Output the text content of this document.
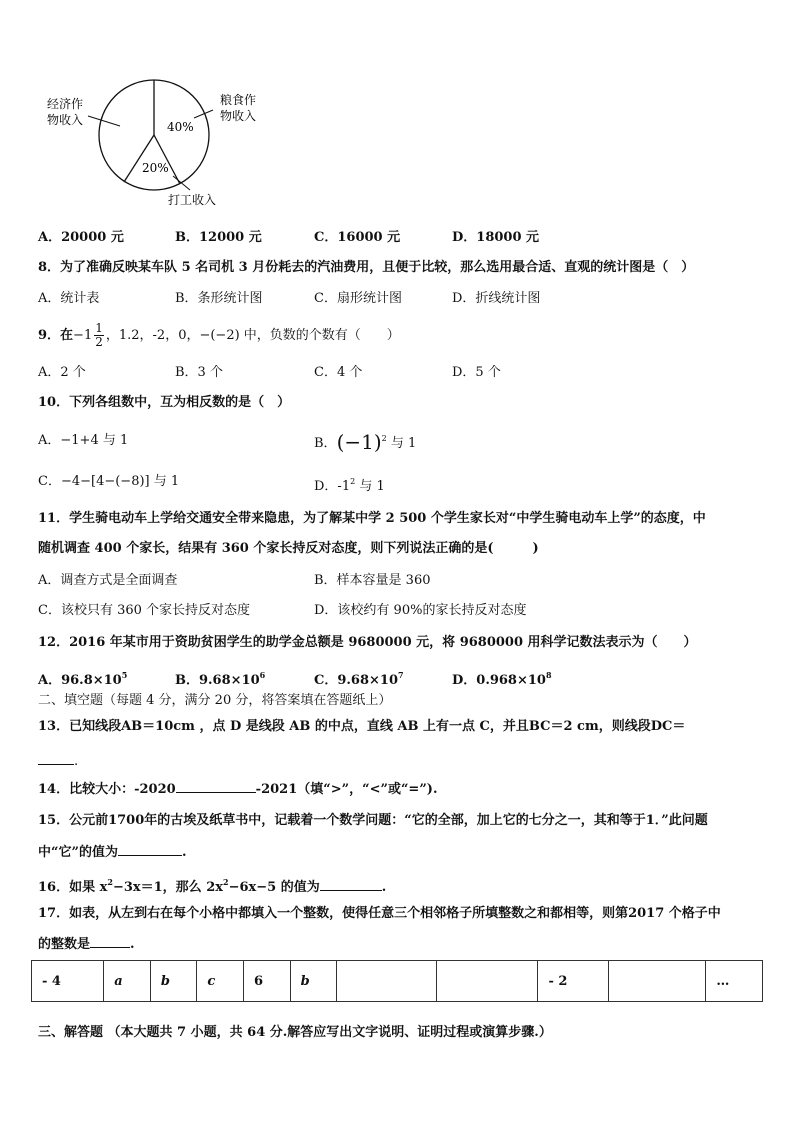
经济作
物收入
粮食作
物收入
40%
20%
打工收入
A．20000 元	B．12000 元	C．16000 元	D．18000 元
8．为了准确反映某车队 5 名司机 3 月份耗去的汽油费用，且便于比较，那么选用最合适、直观的统计图是（　）
A．统计表	B．条形统计图	C．扇形统计图	D．折线统计图
9．在$-1 \frac{1}{2}$ ，1.2，-2，0，−(−2) 中，负数的个数有（　　）
A．2 个	B．3 个	C．4 个	D．5 个
10．下列各组数中，互为相反数的是（　）
A．−1+4 与 1	B．$(-1)^2$ 与 1
C．−4−[4−(−8)] 与 1	D．$-1^2$ 与 1
11．学生骑电动车上学给交通安全带来隐患，为了解某中学 2 500 个学生家长对“中学生骑电动车上学”的态度，中
随机调查 400 个家长，结果有 360 个家长持反对态度，则下列说法正确的是(　　　)
A．调查方式是全面调查	B．样本容量是 360
C．该校只有 360 个家长持反对态度	D．该校约有 90%的家长持反对态度
12．2016 年某市用于资助贫困学生的助学金总额是 9680000 元，将 9680000 用科学记数法表示为（　　）
A．$96.8\times 10^5$	B．$9.68\times 10^6$	C．$9.68\times 10^7$	D．$0.968\times 10^8$
二、填空题（每题 4 分，满分 20 分，将答案填在答题纸上）
13．已知线段AB＝10cm ，点 D 是线段 AB 的中点，直线 AB 上有一点 C，并且BC＝2 cm，则线段DC＝
.
14．比较大小：-2020	-2021（填“>”，“<”或“=”).
15．公元前1700年的古埃及纸草书中，记载着一个数学问题：“它的全部，加上它的七分之一，其和等于1．”此问题
中“它”的值为	.
16．如果 $x^2-3x=1$，那么 $2x^2-6x-5$ 的值为	.
17．如表，从左到右在每个小格中都填入一个整数，使得任意三个相邻格子所填整数之和都相等，则第2017 个格子中
的整数是	.
- 4	a	b	c	6	b			- 2		…
三、解答题 （本大题共 7 小题，共 64 分.解答应写出文字说明、证明过程或演算步骤.）
